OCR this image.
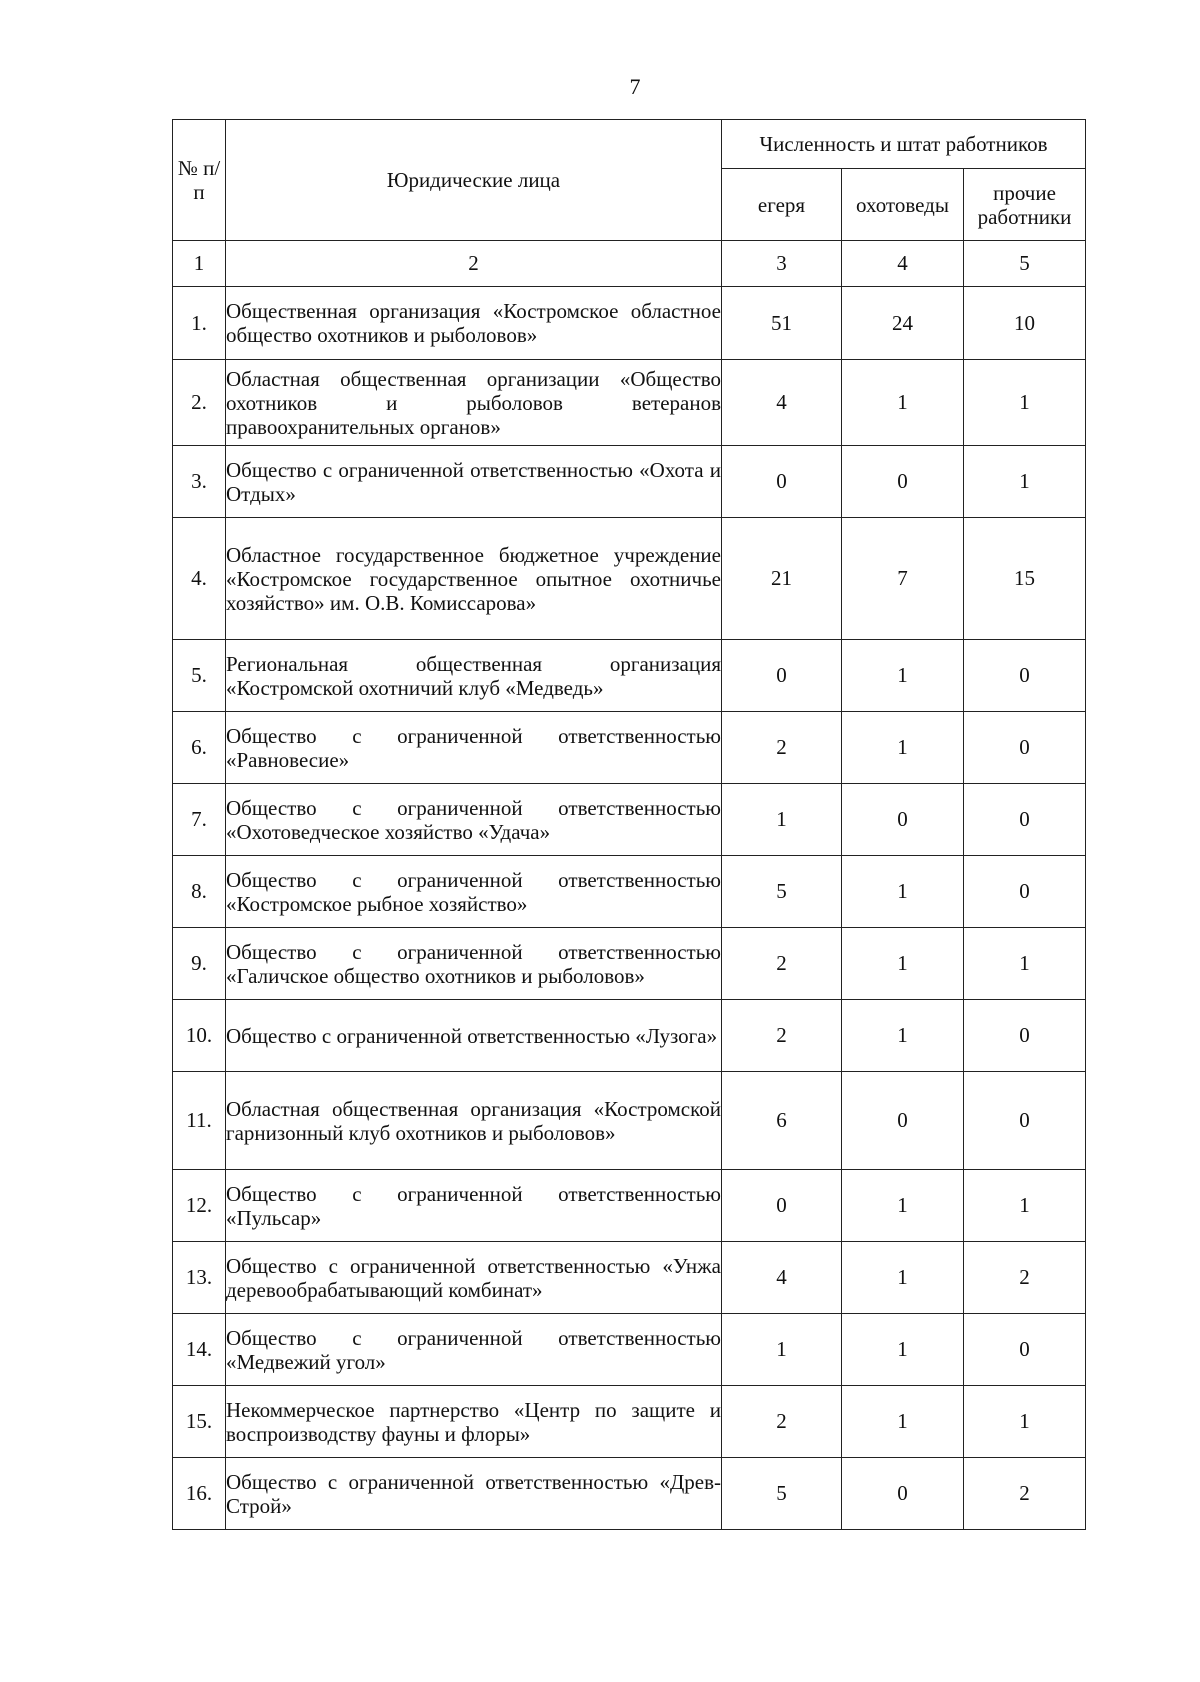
7
№ п/п	Юридические лица	Численность и штат работников		
		егеря	охотоведы	прочие работники
1	2	3	4	5
1.	Общественная организация «Костромское областное общество охотников и рыболовов»	51	24	10
2.	Областная общественная организации «Общество охотников и рыболовов ветеранов правоохранительных органов»	4	1	1
3.	Общество с ограниченной ответственностью «Охота и Отдых»	0	0	1
4.	Областное государственное бюджетное учреждение «Костромское государственное опытное охотничье хозяйство» им. О.В. Комиссарова»	21	7	15
5.	Региональная общественная организация «Костромской охотничий клуб «Медведь»	0	1	0
6.	Общество с ограниченной ответственностью «Равновесие»	2	1	0
7.	Общество с ограниченной ответственностью «Охотоведческое хозяйство «Удача»	1	0	0
8.	Общество с ограниченной ответственностью «Костромское рыбное хозяйство»	5	1	0
9.	Общество с ограниченной ответственностью «Галичское общество охотников и рыболовов»	2	1	1
10.	Общество с ограниченной ответственностью «Лузога»	2	1	0
11.	Областная общественная организация «Костромской гарнизонный клуб охотников и рыболовов»	6	0	0
12.	Общество с ограниченной ответственностью «Пульсар»	0	1	1
13.	Общество с ограниченной ответственностью «Унжа деревообрабатывающий комбинат»	4	1	2
14.	Общество с ограниченной ответственностью «Медвежий угол»	1	1	0
15.	Некоммерческое партнерство «Центр по защите и воспроизводству фауны и флоры»	2	1	1
16.	Общество с ограниченной ответственностью «Древ-Строй»	5	0	2
